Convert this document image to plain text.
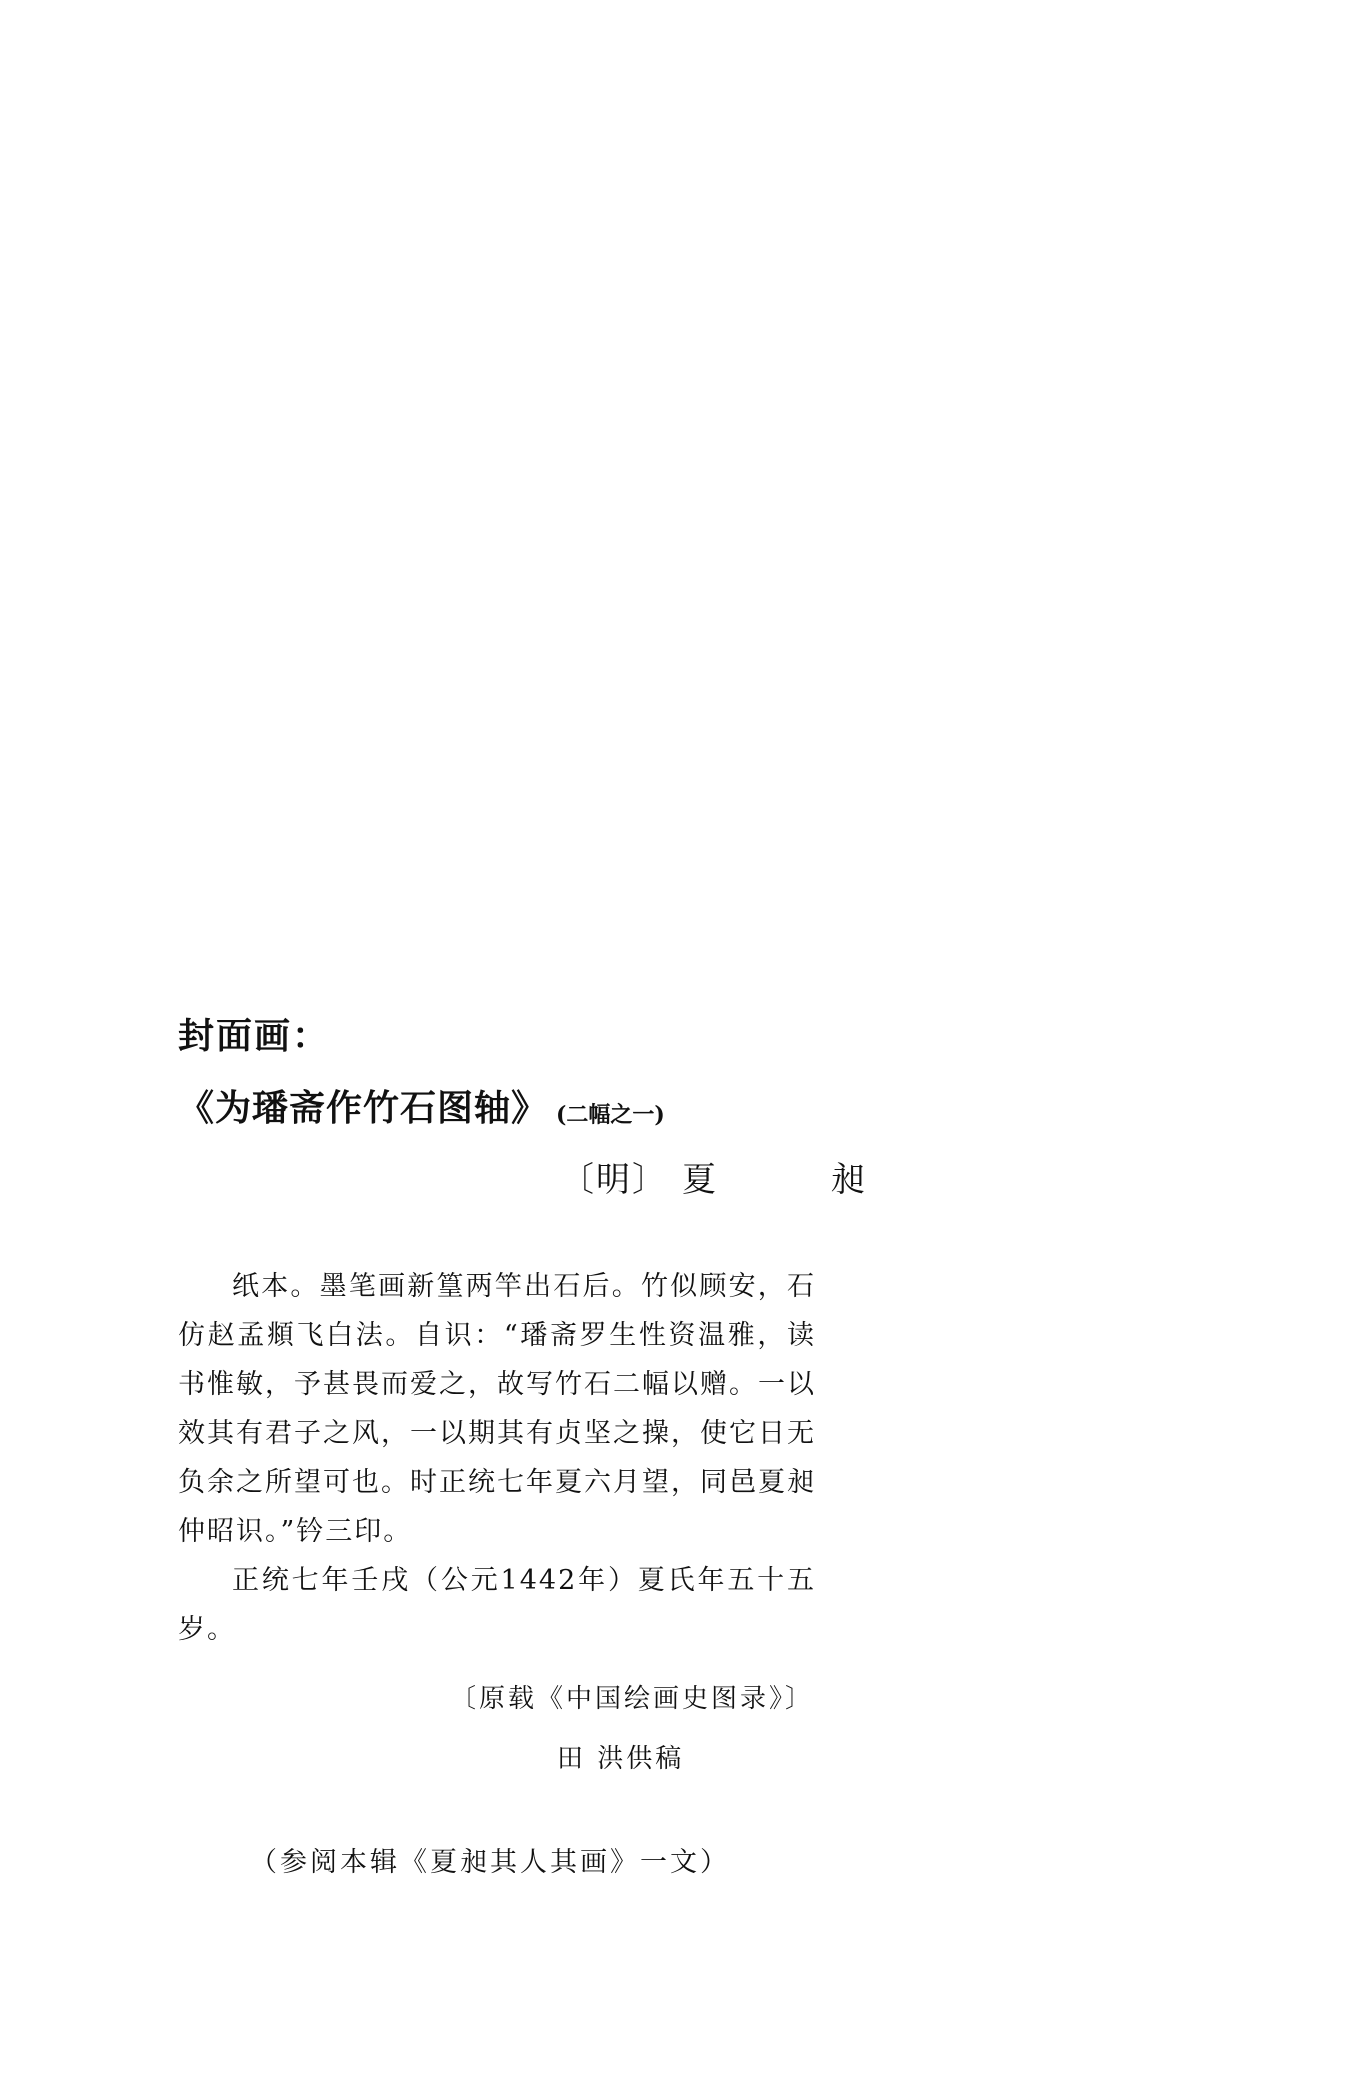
封面画：
《为璠斋作竹石图轴》 (二幅之一)
〔明〕 夏 昶

纸本。墨笔画新篁两竿出石后。竹似顾安，石仿赵孟頫飞白法。自识：“璠斋罗生性资温雅，读书惟敏，予甚畏而爱之，故写竹石二幅以赠。一以效其有君子之风，一以期其有贞坚之操，使它日无负余之所望可也。时正统七年夏六月望，同邑夏昶仲昭识。”钤三印。

正统七年壬戌（公元1442年）夏氏年五十五岁。

〔原载《中国绘画史图录》〕
田 洪供稿
（参阅本辑《夏昶其人其画》一文）
